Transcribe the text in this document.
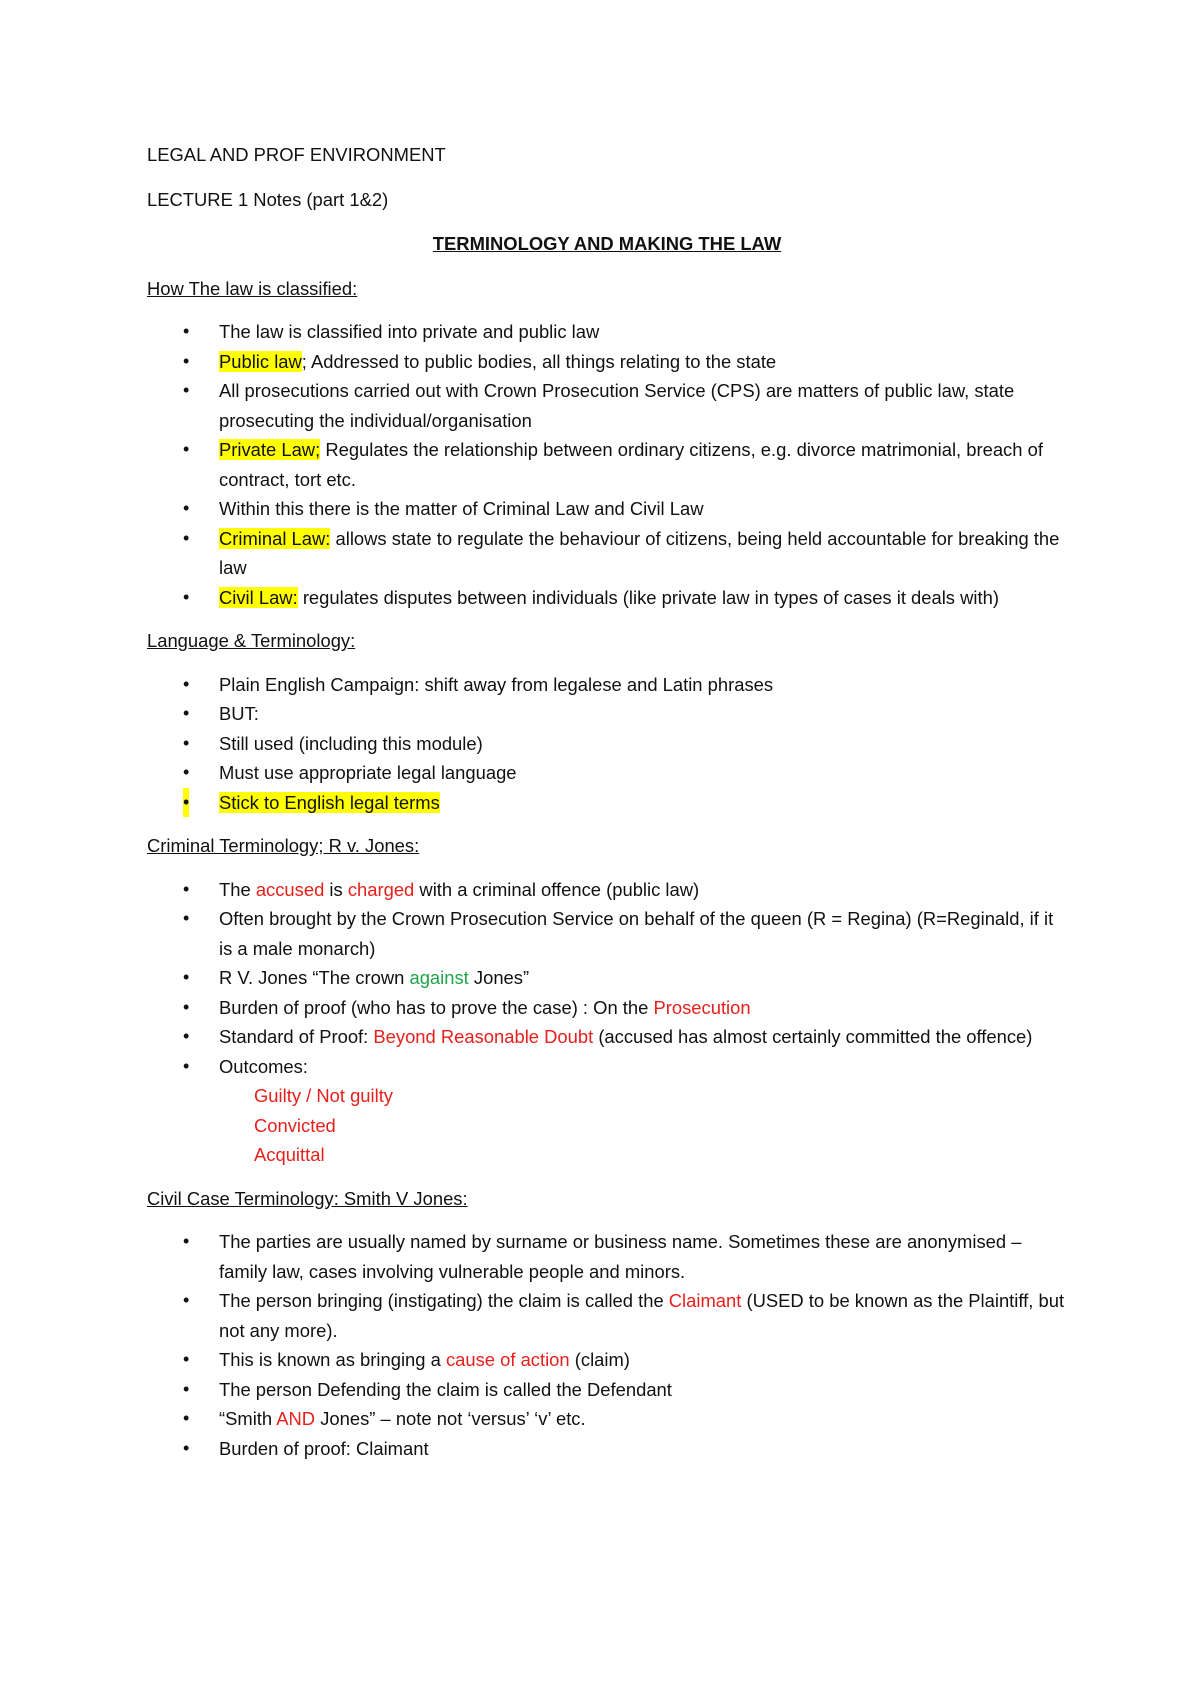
LEGAL AND PROF ENVIRONMENT

LECTURE 1 Notes (part 1&2)

TERMINOLOGY AND MAKING THE LAW

How The law is classified:

• The law is classified into private and public law
• Public law; Addressed to public bodies, all things relating to the state
• All prosecutions carried out with Crown Prosecution Service (CPS) are matters of public law, state prosecuting the individual/organisation
• Private Law; Regulates the relationship between ordinary citizens, e.g. divorce matrimonial, breach of contract, tort etc.
• Within this there is the matter of Criminal Law and Civil Law
• Criminal Law: allows state to regulate the behaviour of citizens, being held accountable for breaking the law
• Civil Law: regulates disputes between individuals (like private law in types of cases it deals with)

Language & Terminology:

• Plain English Campaign: shift away from legalese and Latin phrases
• BUT:
• Still used (including this module)
• Must use appropriate legal language
• Stick to English legal terms

Criminal Terminology; R v. Jones:

• The accused is charged with a criminal offence (public law)
• Often brought by the Crown Prosecution Service on behalf of the queen (R = Regina) (R=Reginald, if it is a male monarch)
• R V. Jones “The crown against Jones”
• Burden of proof (who has to prove the case) : On the Prosecution
• Standard of Proof: Beyond Reasonable Doubt (accused has almost certainly committed the offence)
• Outcomes:
Guilty / Not guilty
Convicted
Acquittal

Civil Case Terminology: Smith V Jones:

• The parties are usually named by surname or business name. Sometimes these are anonymised – family law, cases involving vulnerable people and minors.
• The person bringing (instigating) the claim is called the Claimant (USED to be known as the Plaintiff, but not any more).
• This is known as bringing a cause of action (claim)
• The person Defending the claim is called the Defendant
• “Smith AND Jones” – note not ‘versus’ ‘v’ etc.
• Burden of proof: Claimant
